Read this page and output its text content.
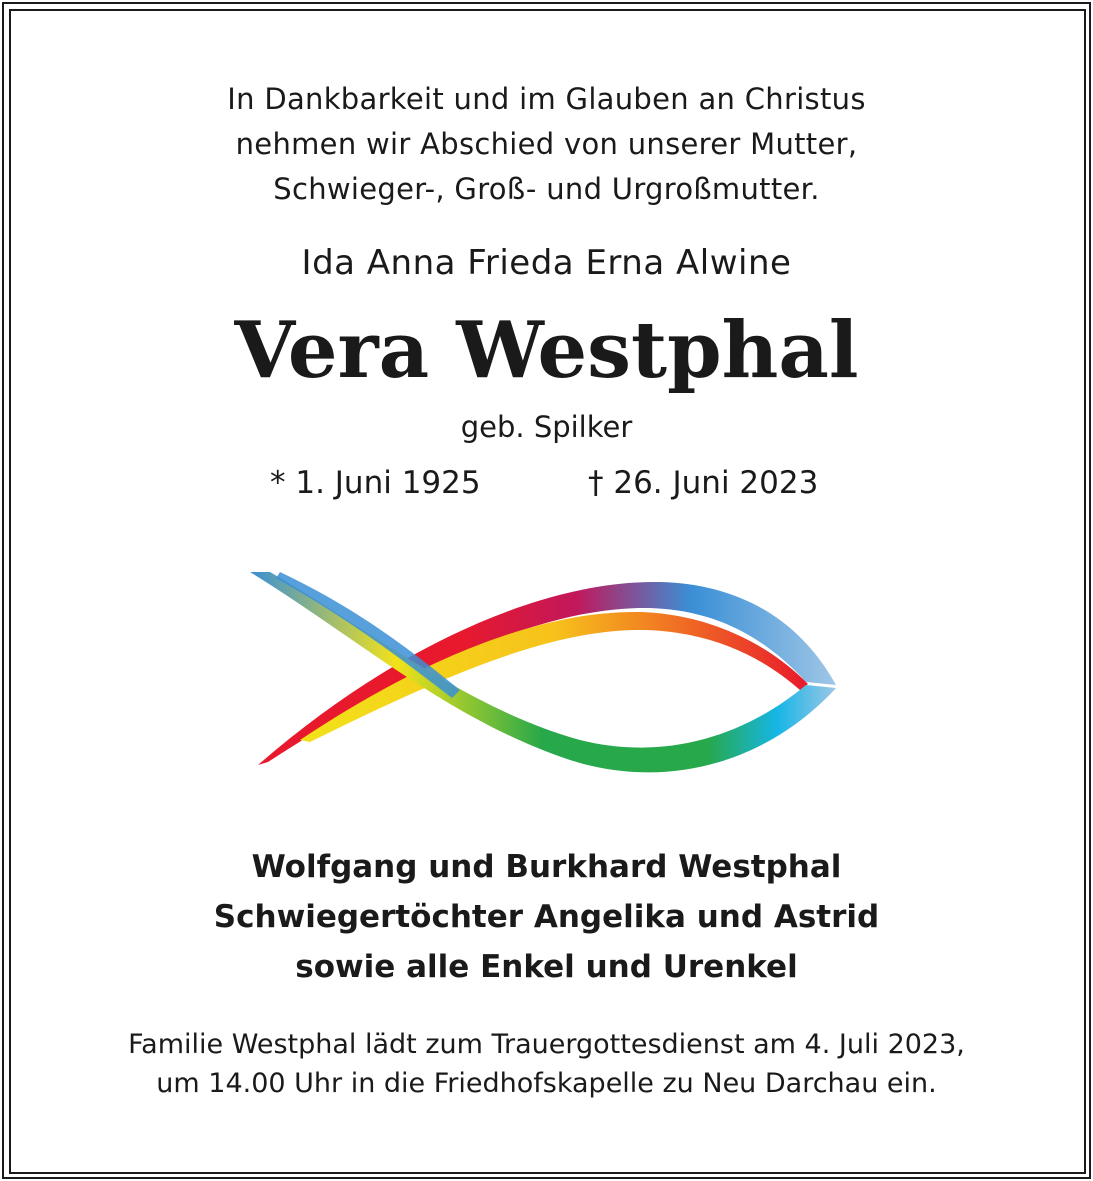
In Dankbarkeit und im Glauben an Christus
nehmen wir Abschied von unserer Mutter,
Schwieger-, Groß- und Urgroßmutter.
Ida Anna Frieda Erna Alwine
Vera Westphal
geb. Spilker
* 1. Juni 1925	† 26. Juni 2023
Wolfgang und Burkhard Westphal
Schwiegertöchter Angelika und Astrid
sowie alle Enkel und Urenkel
Familie Westphal lädt zum Trauergottesdienst am 4. Juli 2023,
um 14.00 Uhr in die Friedhofskapelle zu Neu Darchau ein.
